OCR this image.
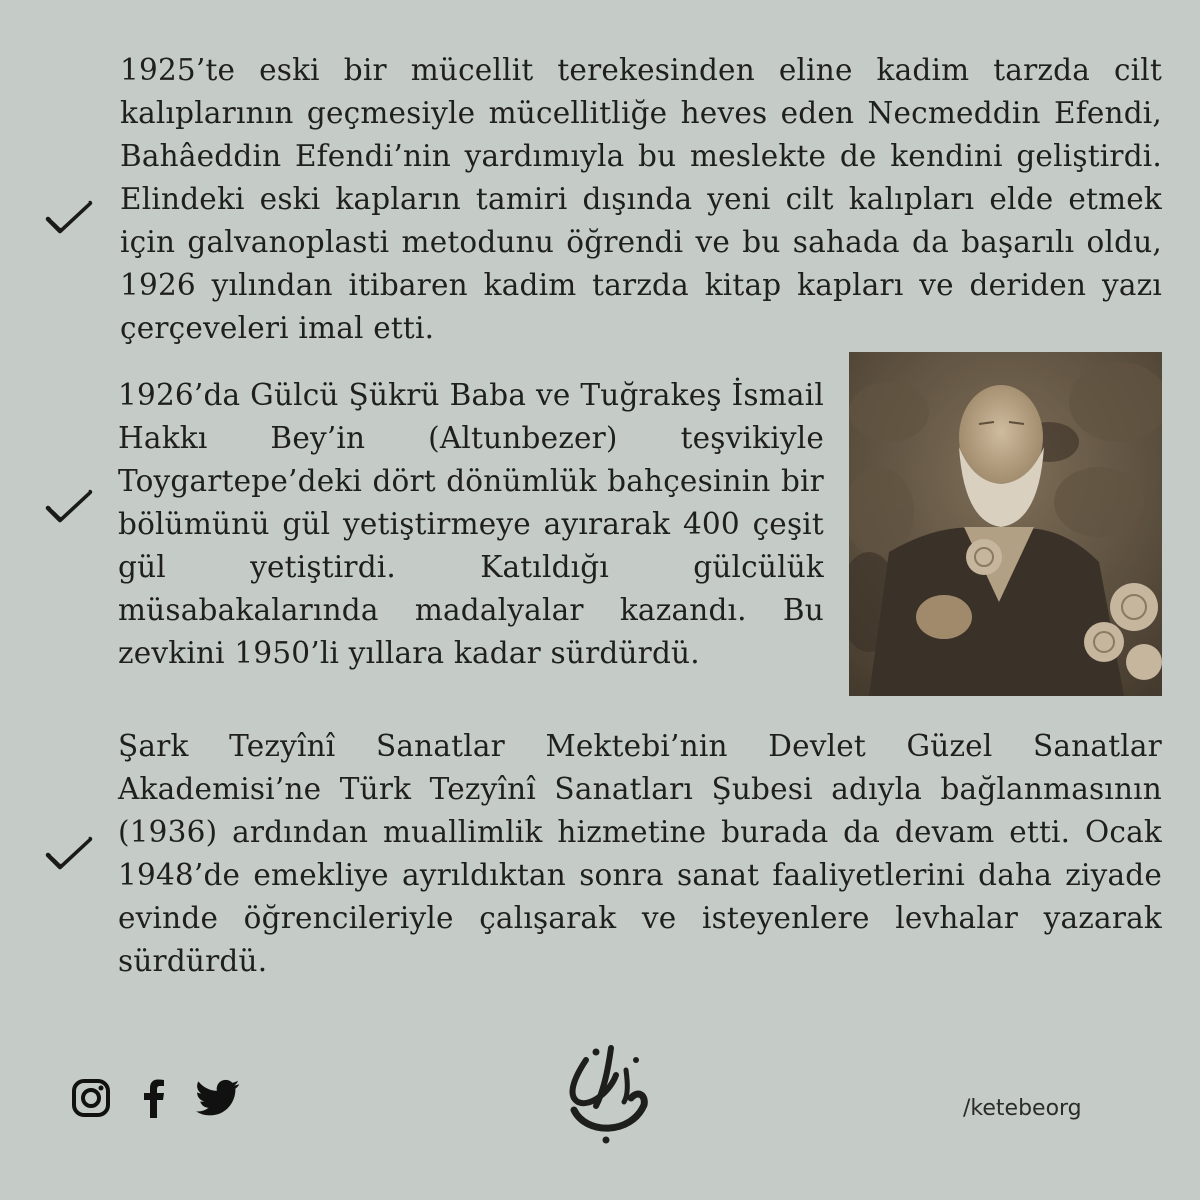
1925’te eski bir mücellit terekesinden eline kadim tarzda cilt kalıplarının geçmesiyle mücellitliğe heves eden Necmeddin Efendi, Bahâeddin Efendi’nin yardımıyla bu meslekte de kendini geliştirdi. Elindeki eski kapların tamiri dışında yeni cilt kalıpları elde etmek için galvanoplasti metodunu öğrendi ve bu sahada da başarılı oldu, 1926 yılından itibaren kadim tarzda kitap kapları ve deriden yazı çerçeveleri imal etti.

1926’da Gülcü Şükrü Baba ve Tuğrakeş İsmail Hakkı Bey’in (Altunbezer) teşvikiyle Toygartepe’deki dört dönümlük bahçesinin bir bölümünü gül yetiştirmeye ayırarak 400 çeşit gül yetiştirdi. Katıldığı gülcülük müsabakalarında madalyalar kazandı. Bu zevkini 1950’li yıllara kadar sürdürdü.

Şark Tezyînî Sanatlar Mektebi’nin Devlet Güzel Sanatlar Akademisi’ne Türk Tezyînî Sanatları Şubesi adıyla bağlanmasının (1936) ardından muallimlik hizmetine burada da devam etti. Ocak 1948’de emekliye ayrıldıktan sonra sanat faaliyetlerini daha ziyade evinde öğrencileriyle çalışarak ve isteyenlere levhalar yazarak sürdürdü.

/ketebeorg
